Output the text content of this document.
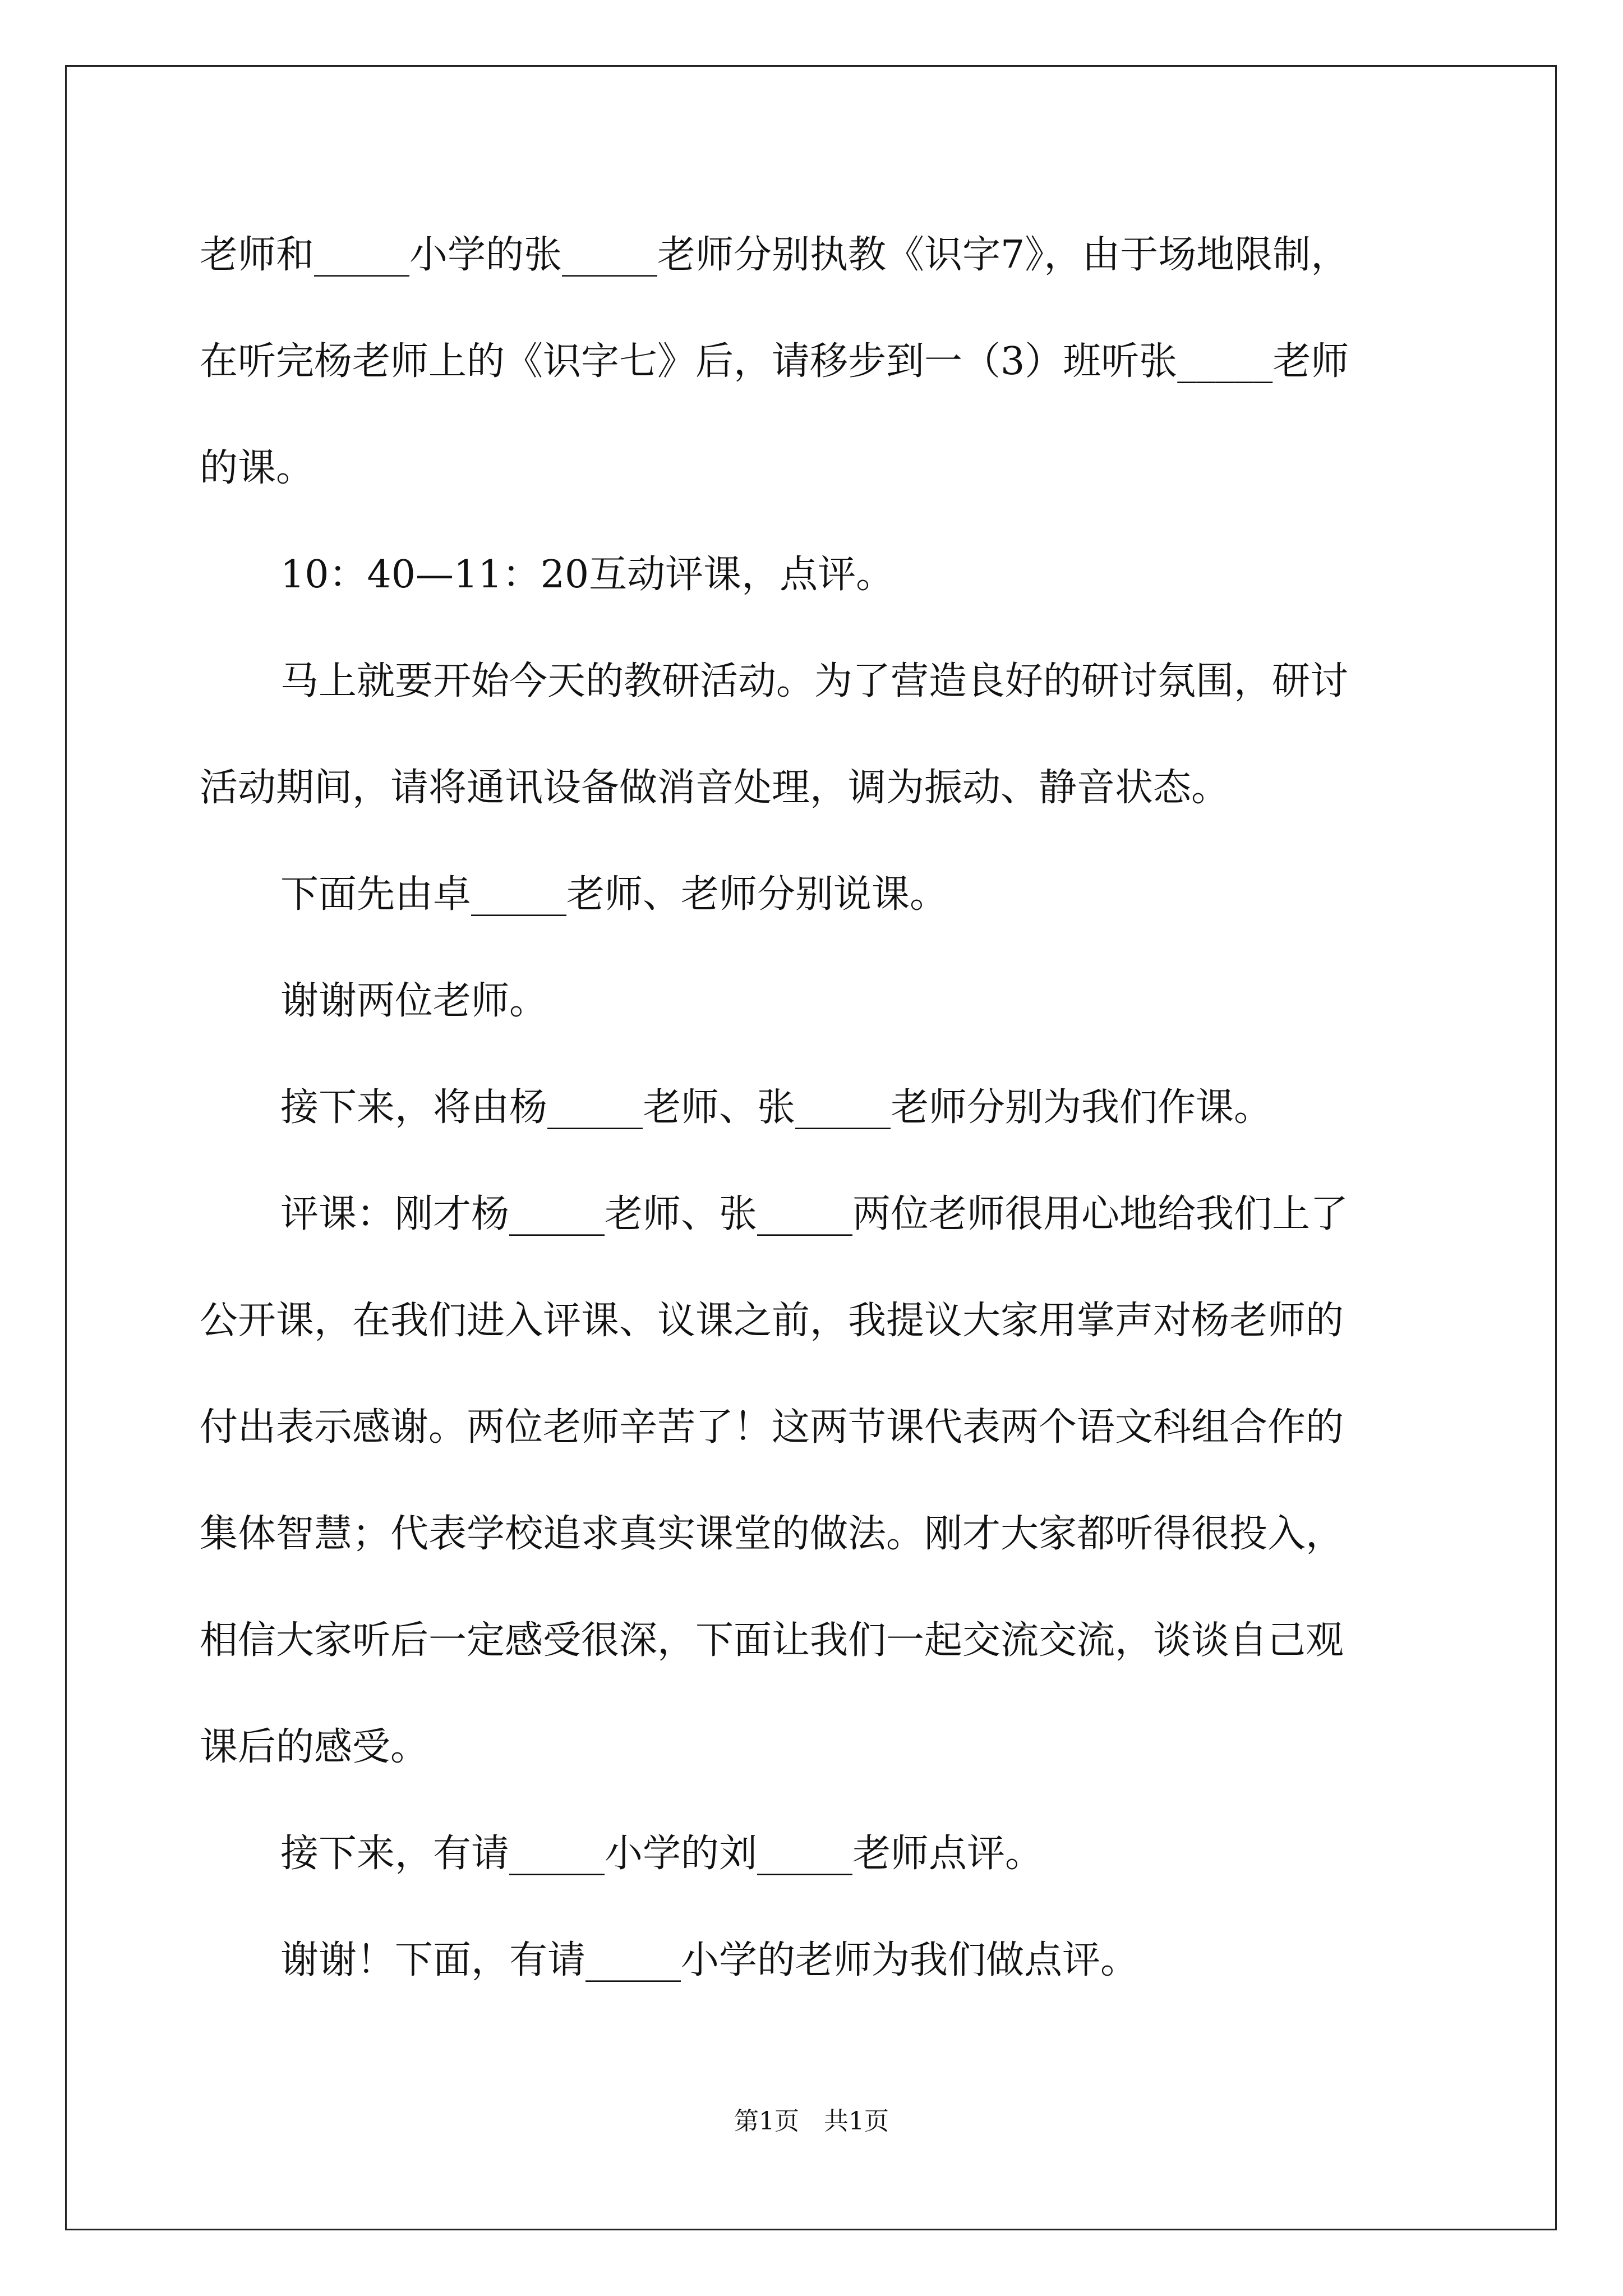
老师和_____小学的张_____老师分别执教《识字7》，由于场地限制，
在听完杨老师上的《识字七》后，请移步到一（3）班听张_____老师
的课。
10：40—11：20互动评课，点评。
马上就要开始今天的教研活动。为了营造良好的研讨氛围，研讨
活动期间，请将通讯设备做消音处理，调为振动、静音状态。
下面先由卓_____老师、老师分别说课。
谢谢两位老师。
接下来，将由杨_____老师、张_____老师分别为我们作课。
评课：刚才杨_____老师、张_____两位老师很用心地给我们上了
公开课，在我们进入评课、议课之前，我提议大家用掌声对杨老师的
付出表示感谢。两位老师辛苦了！这两节课代表两个语文科组合作的
集体智慧；代表学校追求真实课堂的做法。刚才大家都听得很投入，
相信大家听后一定感受很深，下面让我们一起交流交流，谈谈自己观
课后的感受。
接下来，有请_____小学的刘_____老师点评。
谢谢！下面，有请_____小学的老师为我们做点评。
第1页　共1页
